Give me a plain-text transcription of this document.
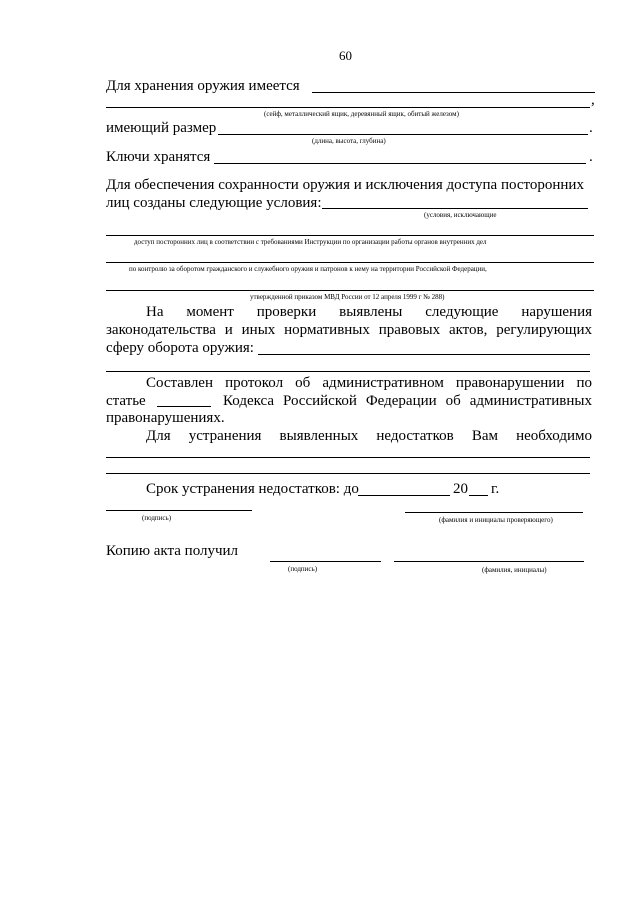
60
Для хранения оружия имеется
,
(сейф, металлический ящик, деревянный ящик, обитый железом)
имеющий размер	.
(длина, высота, глубина)
Ключи хранятся	.
Для обеспечения сохранности оружия и исключения доступа посторонних
лиц созданы следующие условия:
(условия, исключающие
доступ посторонних лиц в соответствии с требованиями Инструкции по организации работы органов внутренних дел
по контролю за оборотом гражданского и служебного оружия и патронов к нему на территории Российской Федерации,
утвержденной приказом МВД России от 12 апреля 1999 г № 288)
На момент проверки выявлены следующие нарушения
законодательства и иных нормативных правовых актов, регулирующих
сферу оборота оружия:
Составлен протокол об административном правонарушении по
статье	Кодекса Российской Федерации об административных
правонарушениях.
Для устранения выявленных недостатков Вам необходимо
Срок устранения недостатков: до	20 г.
(подпись)	(фамилия и инициалы проверяющего)
Копию акта получил
(подпись)	(фамилия, инициалы)
